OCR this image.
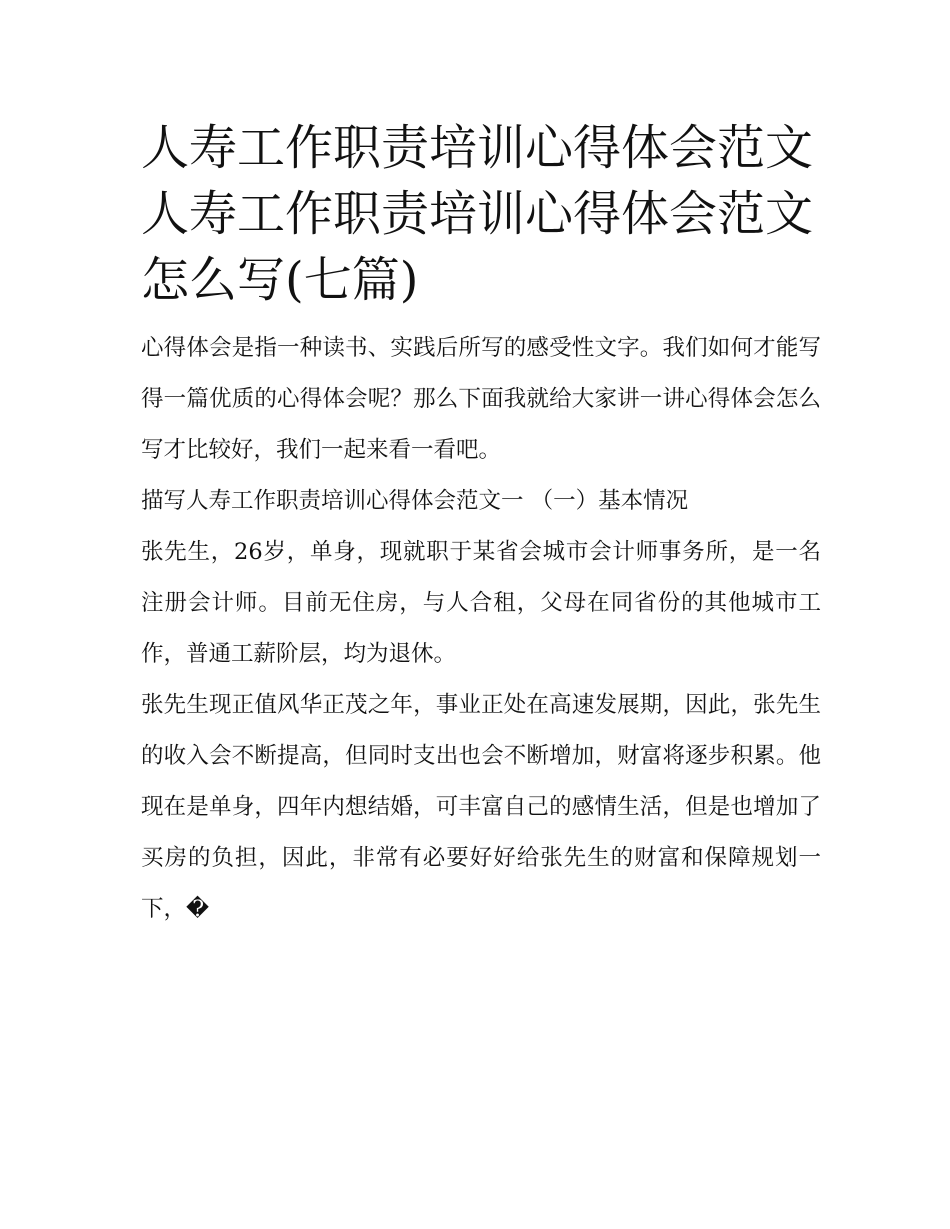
人寿工作职责培训心得体会范文 人寿工作职责培训心得体会范文怎么写(七篇)

心得体会是指一种读书、实践后所写的感受性文字。我们如何才能写得一篇优质的心得体会呢？那么下面我就给大家讲一讲心得体会怎么写才比较好，我们一起来看一看吧。

描写人寿工作职责培训心得体会范文一 （一）基本情况

张先生，26岁，单身，现就职于某省会城市会计师事务所，是一名注册会计师。目前无住房，与人合租，父母在同省份的其他城市工作，普通工薪阶层，均为退休。

张先生现正值风华正茂之年，事业正处在高速发展期，因此，张先生的收入会不断提高，但同时支出也会不断增加，财富将逐步积累。他现在是单身，四年内想结婚，可丰富自己的感情生活，但是也增加了买房的负担，因此，非常有必要好好给张先生的财富和保障规划一下，�
